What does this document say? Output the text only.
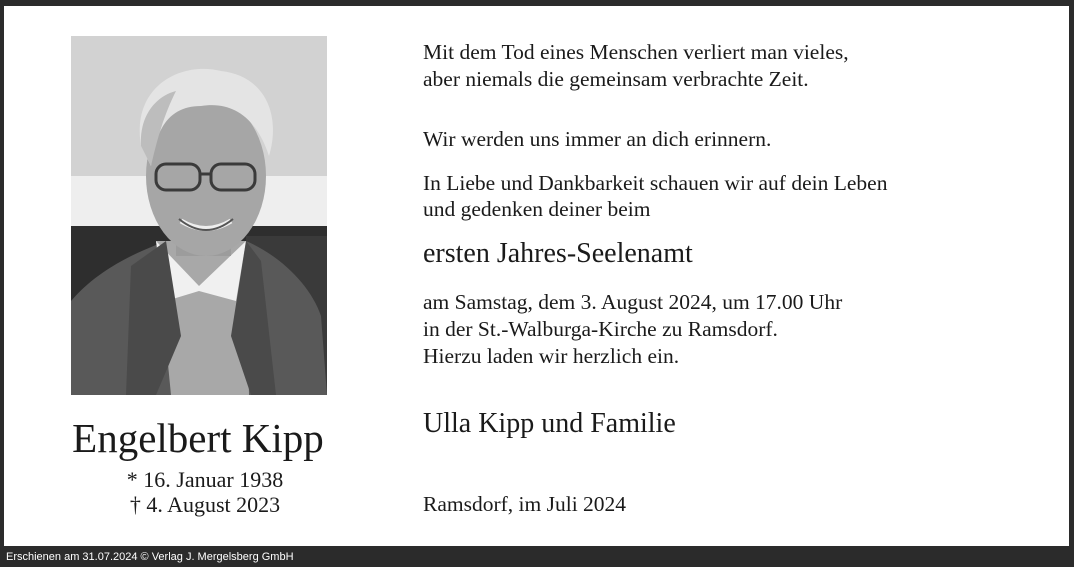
Engelbert Kipp
* 16. Januar 1938
† 4. August 2023
Mit dem Tod eines Menschen verliert man vieles,
aber niemals die gemeinsam verbrachte Zeit.
Wir werden uns immer an dich erinnern.
In Liebe und Dankbarkeit schauen wir auf dein Leben
und gedenken deiner beim
ersten Jahres-Seelenamt
am Samstag, dem 3. August 2024, um 17.00 Uhr
in der St.-Walburga-Kirche zu Ramsdorf.
Hierzu laden wir herzlich ein.
Ulla Kipp und Familie
Ramsdorf, im Juli 2024
Erschienen am 31.07.2024 © Verlag J. Mergelsberg GmbH
